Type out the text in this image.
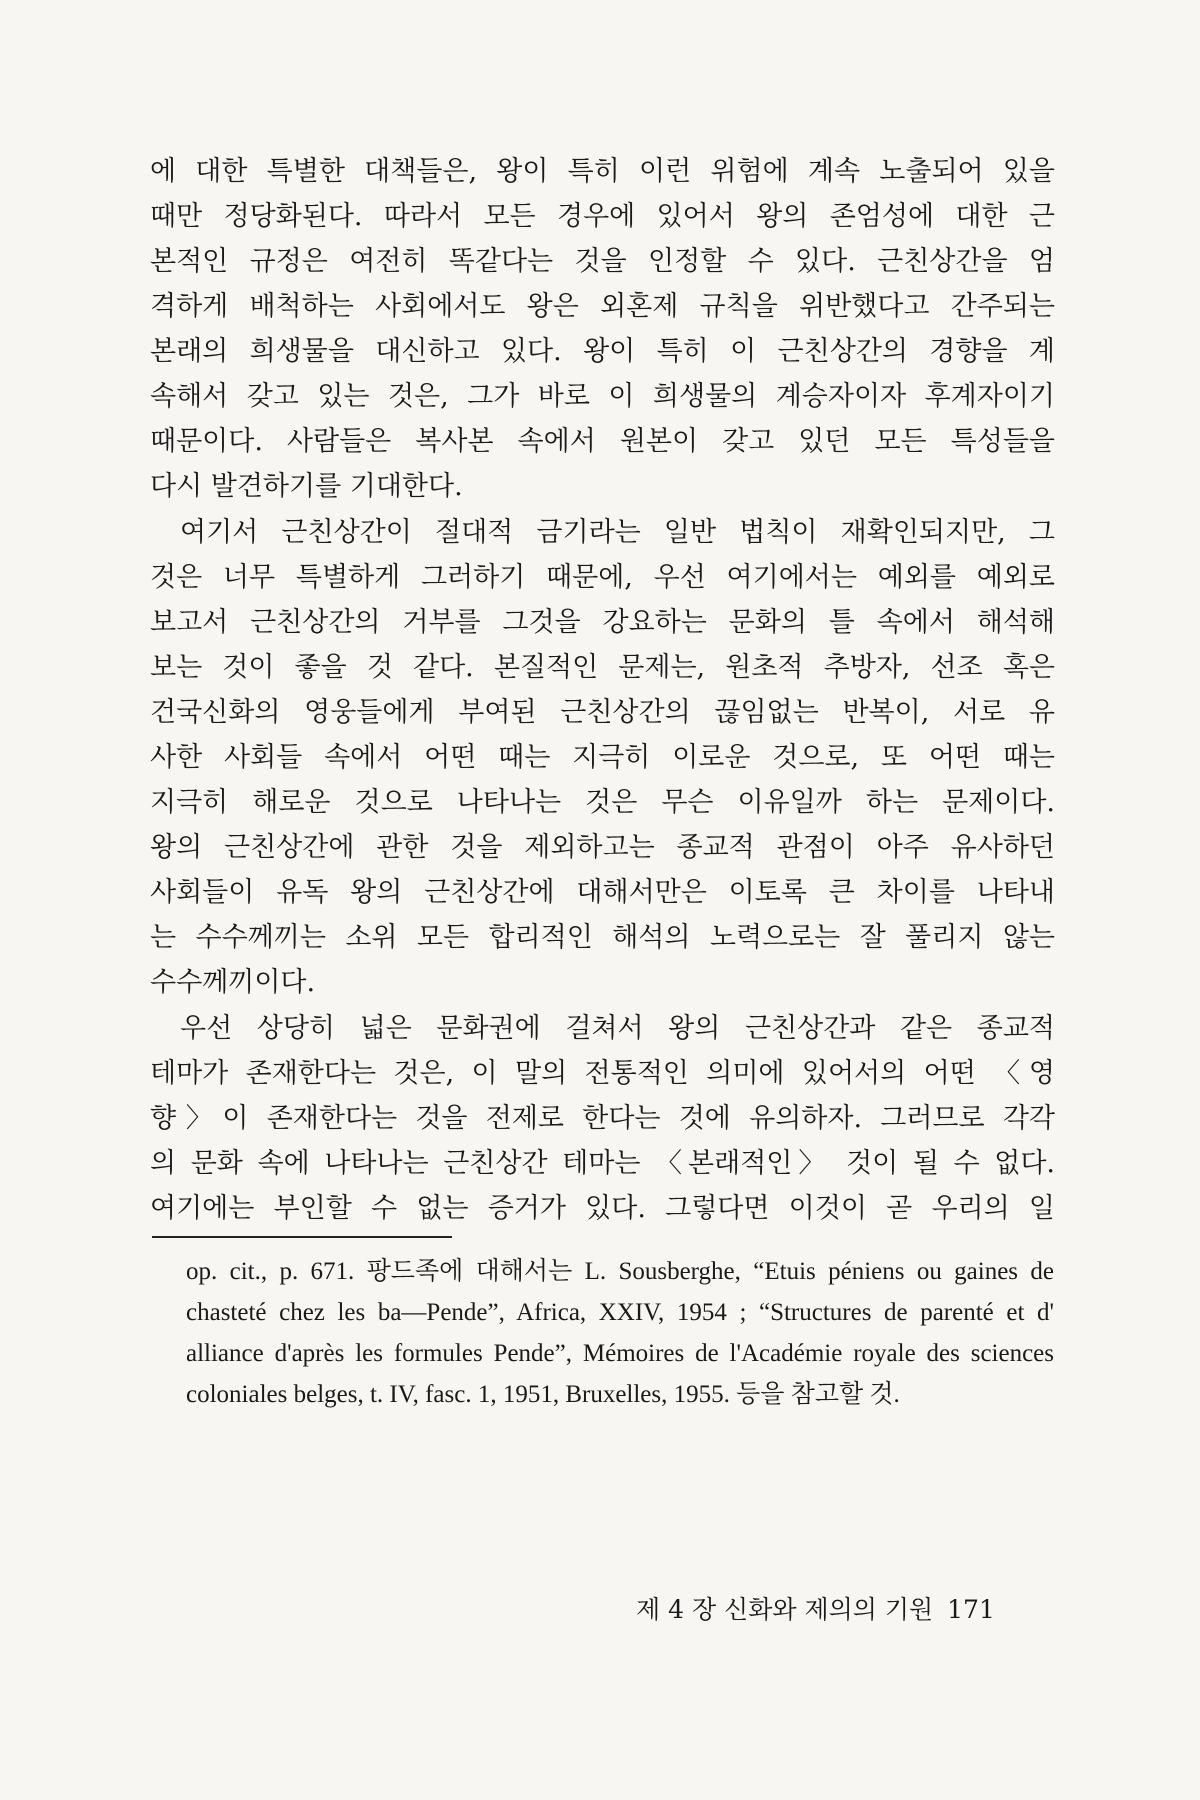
에 대한 특별한 대책들은, 왕이 특히 이런 위험에 계속 노출되어 있을
때만 정당화된다. 따라서 모든 경우에 있어서 왕의 존엄성에 대한 근
본적인 규정은 여전히 똑같다는 것을 인정할 수 있다. 근친상간을 엄
격하게 배척하는 사회에서도 왕은 외혼제 규칙을 위반했다고 간주되는
본래의 희생물을 대신하고 있다. 왕이 특히 이 근친상간의 경향을 계
속해서 갖고 있는 것은, 그가 바로 이 희생물의 계승자이자 후계자이기
때문이다. 사람들은 복사본 속에서 원본이 갖고 있던 모든 특성들을
다시 발견하기를 기대한다.
여기서 근친상간이 절대적 금기라는 일반 법칙이 재확인되지만, 그
것은 너무 특별하게 그러하기 때문에, 우선 여기에서는 예외를 예외로
보고서 근친상간의 거부를 그것을 강요하는 문화의 틀 속에서 해석해
보는 것이 좋을 것 같다. 본질적인 문제는, 원초적 추방자, 선조 혹은
건국신화의 영웅들에게 부여된 근친상간의 끊임없는 반복이, 서로 유
사한 사회들 속에서 어떤 때는 지극히 이로운 것으로, 또 어떤 때는
지극히 해로운 것으로 나타나는 것은 무슨 이유일까 하는 문제이다.
왕의 근친상간에 관한 것을 제외하고는 종교적 관점이 아주 유사하던
사회들이 유독 왕의 근친상간에 대해서만은 이토록 큰 차이를 나타내
는 수수께끼는 소위 모든 합리적인 해석의 노력으로는 잘 풀리지 않는
수수께끼이다.
우선 상당히 넓은 문화권에 걸쳐서 왕의 근친상간과 같은 종교적
테마가 존재한다는 것은, 이 말의 전통적인 의미에 있어서의 어떤 〈영
향〉이 존재한다는 것을 전제로 한다는 것에 유의하자. 그러므로 각각
의 문화 속에 나타나는 근친상간 테마는 〈본래적인〉 것이 될 수 없다.
여기에는 부인할 수 없는 증거가 있다. 그렇다면 이것이 곧 우리의 일
op. cit., p. 671. 팡드족에 대해서는 L. Sousberghe, “Etuis péniens ou gaines de
chasteté chez les ba—Pende”, Africa, XXIV, 1954 ; “Structures de parenté et d'
alliance d'après les formules Pende”, Mémoires de l'Académie royale des sciences
coloniales belges, t. IV, fasc. 1, 1951, Bruxelles, 1955. 등을 참고할 것.
제 4 장 신화와 제의의 기원 171
